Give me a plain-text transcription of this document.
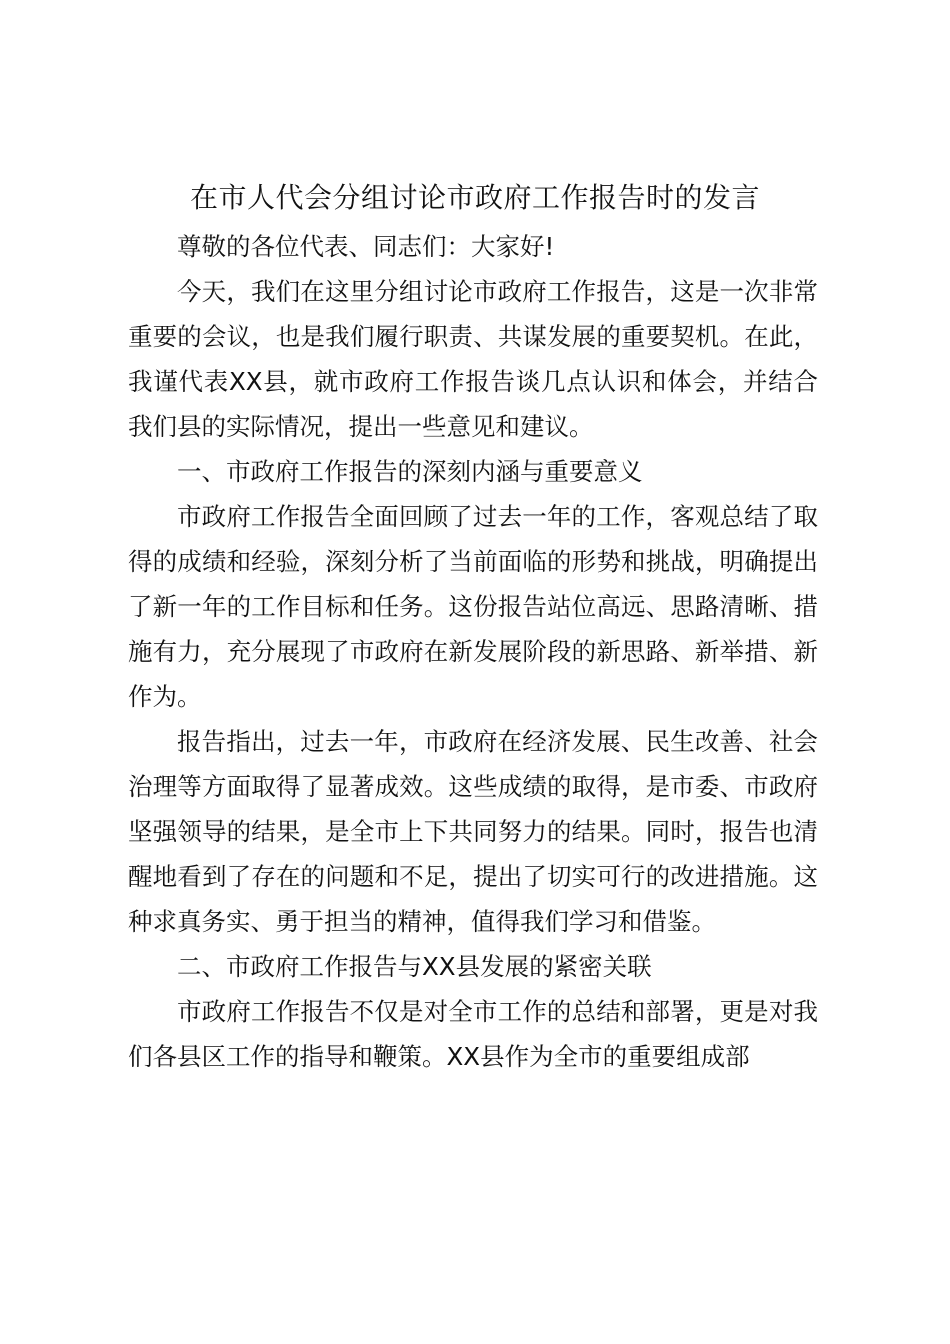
在市人代会分组讨论市政府工作报告时的发言

尊敬的各位代表、同志们：大家好!

今天，我们在这里分组讨论市政府工作报告，这是一次非常重要的会议，也是我们履行职责、共谋发展的重要契机。在此，我谨代表XX县，就市政府工作报告谈几点认识和体会，并结合我们县的实际情况，提出一些意见和建议。

一、市政府工作报告的深刻内涵与重要意义

市政府工作报告全面回顾了过去一年的工作，客观总结了取得的成绩和经验，深刻分析了当前面临的形势和挑战，明确提出了新一年的工作目标和任务。这份报告站位高远、思路清晰、措施有力，充分展现了市政府在新发展阶段的新思路、新举措、新作为。

报告指出，过去一年，市政府在经济发展、民生改善、社会治理等方面取得了显著成效。这些成绩的取得，是市委、市政府坚强领导的结果，是全市上下共同努力的结果。同时，报告也清醒地看到了存在的问题和不足，提出了切实可行的改进措施。这种求真务实、勇于担当的精神，值得我们学习和借鉴。

二、市政府工作报告与XX县发展的紧密关联

市政府工作报告不仅是对全市工作的总结和部署，更是对我们各县区工作的指导和鞭策。XX县作为全市的重要组成部
